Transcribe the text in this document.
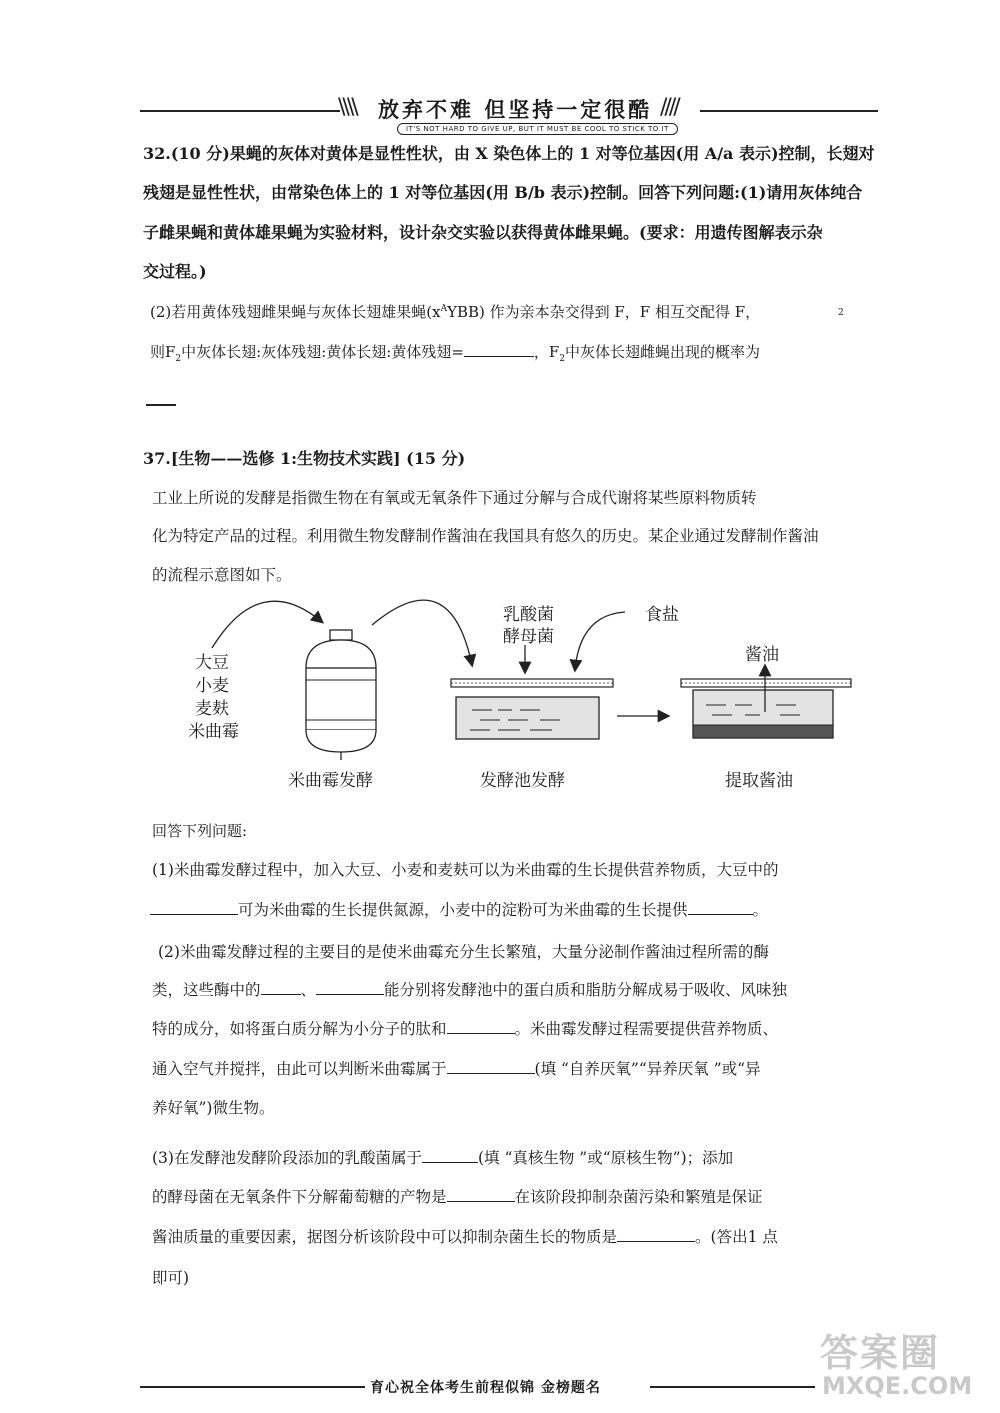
\\\\ 放弃不难 但坚持一定很酷 ////
IT'S NOT HARD TO GIVE UP, BUT IT MUST BE COOL TO STICK TO IT
32.(10 分)果蝇的灰体对黄体是显性性状，由 X 染色体上的 1 对等位基因(用 A/a 表示)控制，长翅对
残翅是显性性状，由常染色体上的 1 对等位基因(用 B/b 表示)控制。回答下列问题:(1)请用灰体纯合
子雌果蝇和黄体雄果蝇为实验材料，设计杂交实验以获得黄体雌果蝇。(要求：用遗传图解表示杂
交过程。)
(2)若用黄体残翅雌果蝇与灰体长翅雄果蝇$(x^AYBB)$ 作为亲本杂交得到 F，F 相互交配得 F，	2
则$F_2$中灰体长翅:灰体残翅:黄体长翅:黄体残翅=	，$F_2$中灰体长翅雌蝇出现的概率为
37.[生物——选修 1:生物技术实践] (15 分)
工业上所说的发酵是指微生物在有氧或无氧条件下通过分解与合成代谢将某些原料物质转
化为特定产品的过程。利用微生物发酵制作酱油在我国具有悠久的历史。某企业通过发酵制作酱油
的流程示意图如下。
大豆
小麦
麦麸
米曲霉
米曲霉发酵
乳酸菌
酵母菌
食盐
发酵池发酵
酱油
提取酱油
回答下列问题:
(1)米曲霉发酵过程中，加入大豆、小麦和麦麸可以为米曲霉的生长提供营养物质，大豆中的
可为米曲霉的生长提供氮源，小麦中的淀粉可为米曲霉的生长提供	。
(2)米曲霉发酵过程的主要目的是使米曲霉充分生长繁殖，大量分泌制作酱油过程所需的酶
类，这些酶中的	、	能分别将发酵池中的蛋白质和脂肪分解成易于吸收、风味独
特的成分，如将蛋白质分解为小分子的肽和	。米曲霉发酵过程需要提供营养物质、
通入空气并搅拌，由此可以判断米曲霉属于	(填 “自养厌氧”“异养厌氧 ”或“异
养好氧”)微生物。
(3)在发酵池发酵阶段添加的乳酸菌属于	(填 “真核生物 ”或“原核生物”)；添加
的酵母菌在无氧条件下分解葡萄糖的产物是	在该阶段抑制杂菌污染和繁殖是保证
酱油质量的重要因素，据图分析该阶段中可以抑制杂菌生长的物质是	。(答出1 点
即可)
答案圈
MXQE.COM
育心祝全体考生前程似锦 金榜题名
